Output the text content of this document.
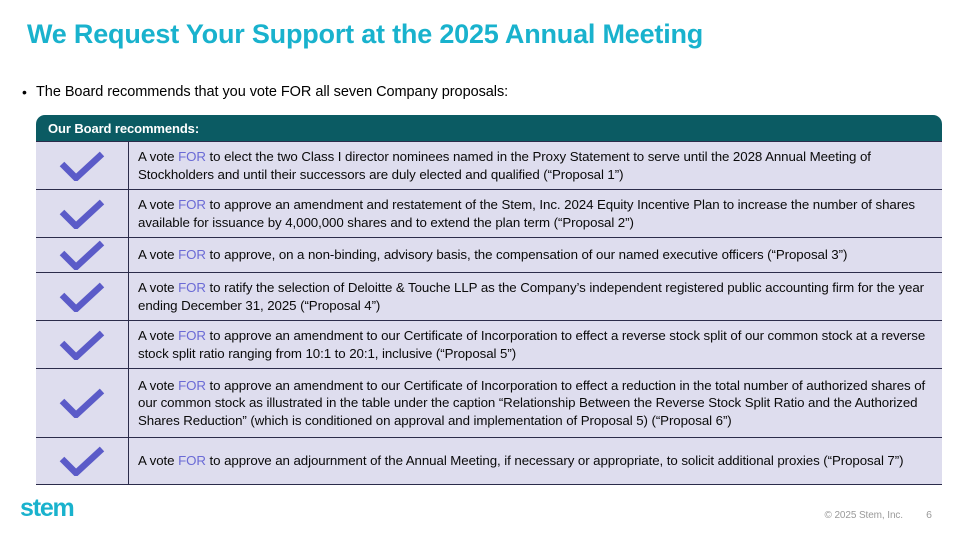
We Request Your Support at the 2025 Annual Meeting
• The Board recommends that you vote FOR all seven Company proposals:
Our Board recommends:
A vote FOR to elect the two Class I director nominees named in the Proxy Statement to serve until the 2028 Annual Meeting of Stockholders and until their successors are duly elected and qualified (“Proposal 1”)
A vote FOR to approve an amendment and restatement of the Stem, Inc. 2024 Equity Incentive Plan to increase the number of shares available for issuance by 4,000,000 shares and to extend the plan term (“Proposal 2”)
A vote FOR to approve, on a non-binding, advisory basis, the compensation of our named executive officers (“Proposal 3”)
A vote FOR to ratify the selection of Deloitte & Touche LLP as the Company’s independent registered public accounting firm for the year ending December 31, 2025 (“Proposal 4”)
A vote FOR to approve an amendment to our Certificate of Incorporation to effect a reverse stock split of our common stock at a reverse stock split ratio ranging from 10:1 to 20:1, inclusive (“Proposal 5”)
A vote FOR to approve an amendment to our Certificate of Incorporation to effect a reduction in the total number of authorized shares of our common stock as illustrated in the table under the caption “Relationship Between the Reverse Stock Split Ratio and the Authorized Shares Reduction” (which is conditioned on approval and implementation of Proposal 5) (“Proposal 6”)
A vote FOR to approve an adjournment of the Annual Meeting, if necessary or appropriate, to solicit additional proxies (“Proposal 7”)
stem	© 2025 Stem, Inc. 6
